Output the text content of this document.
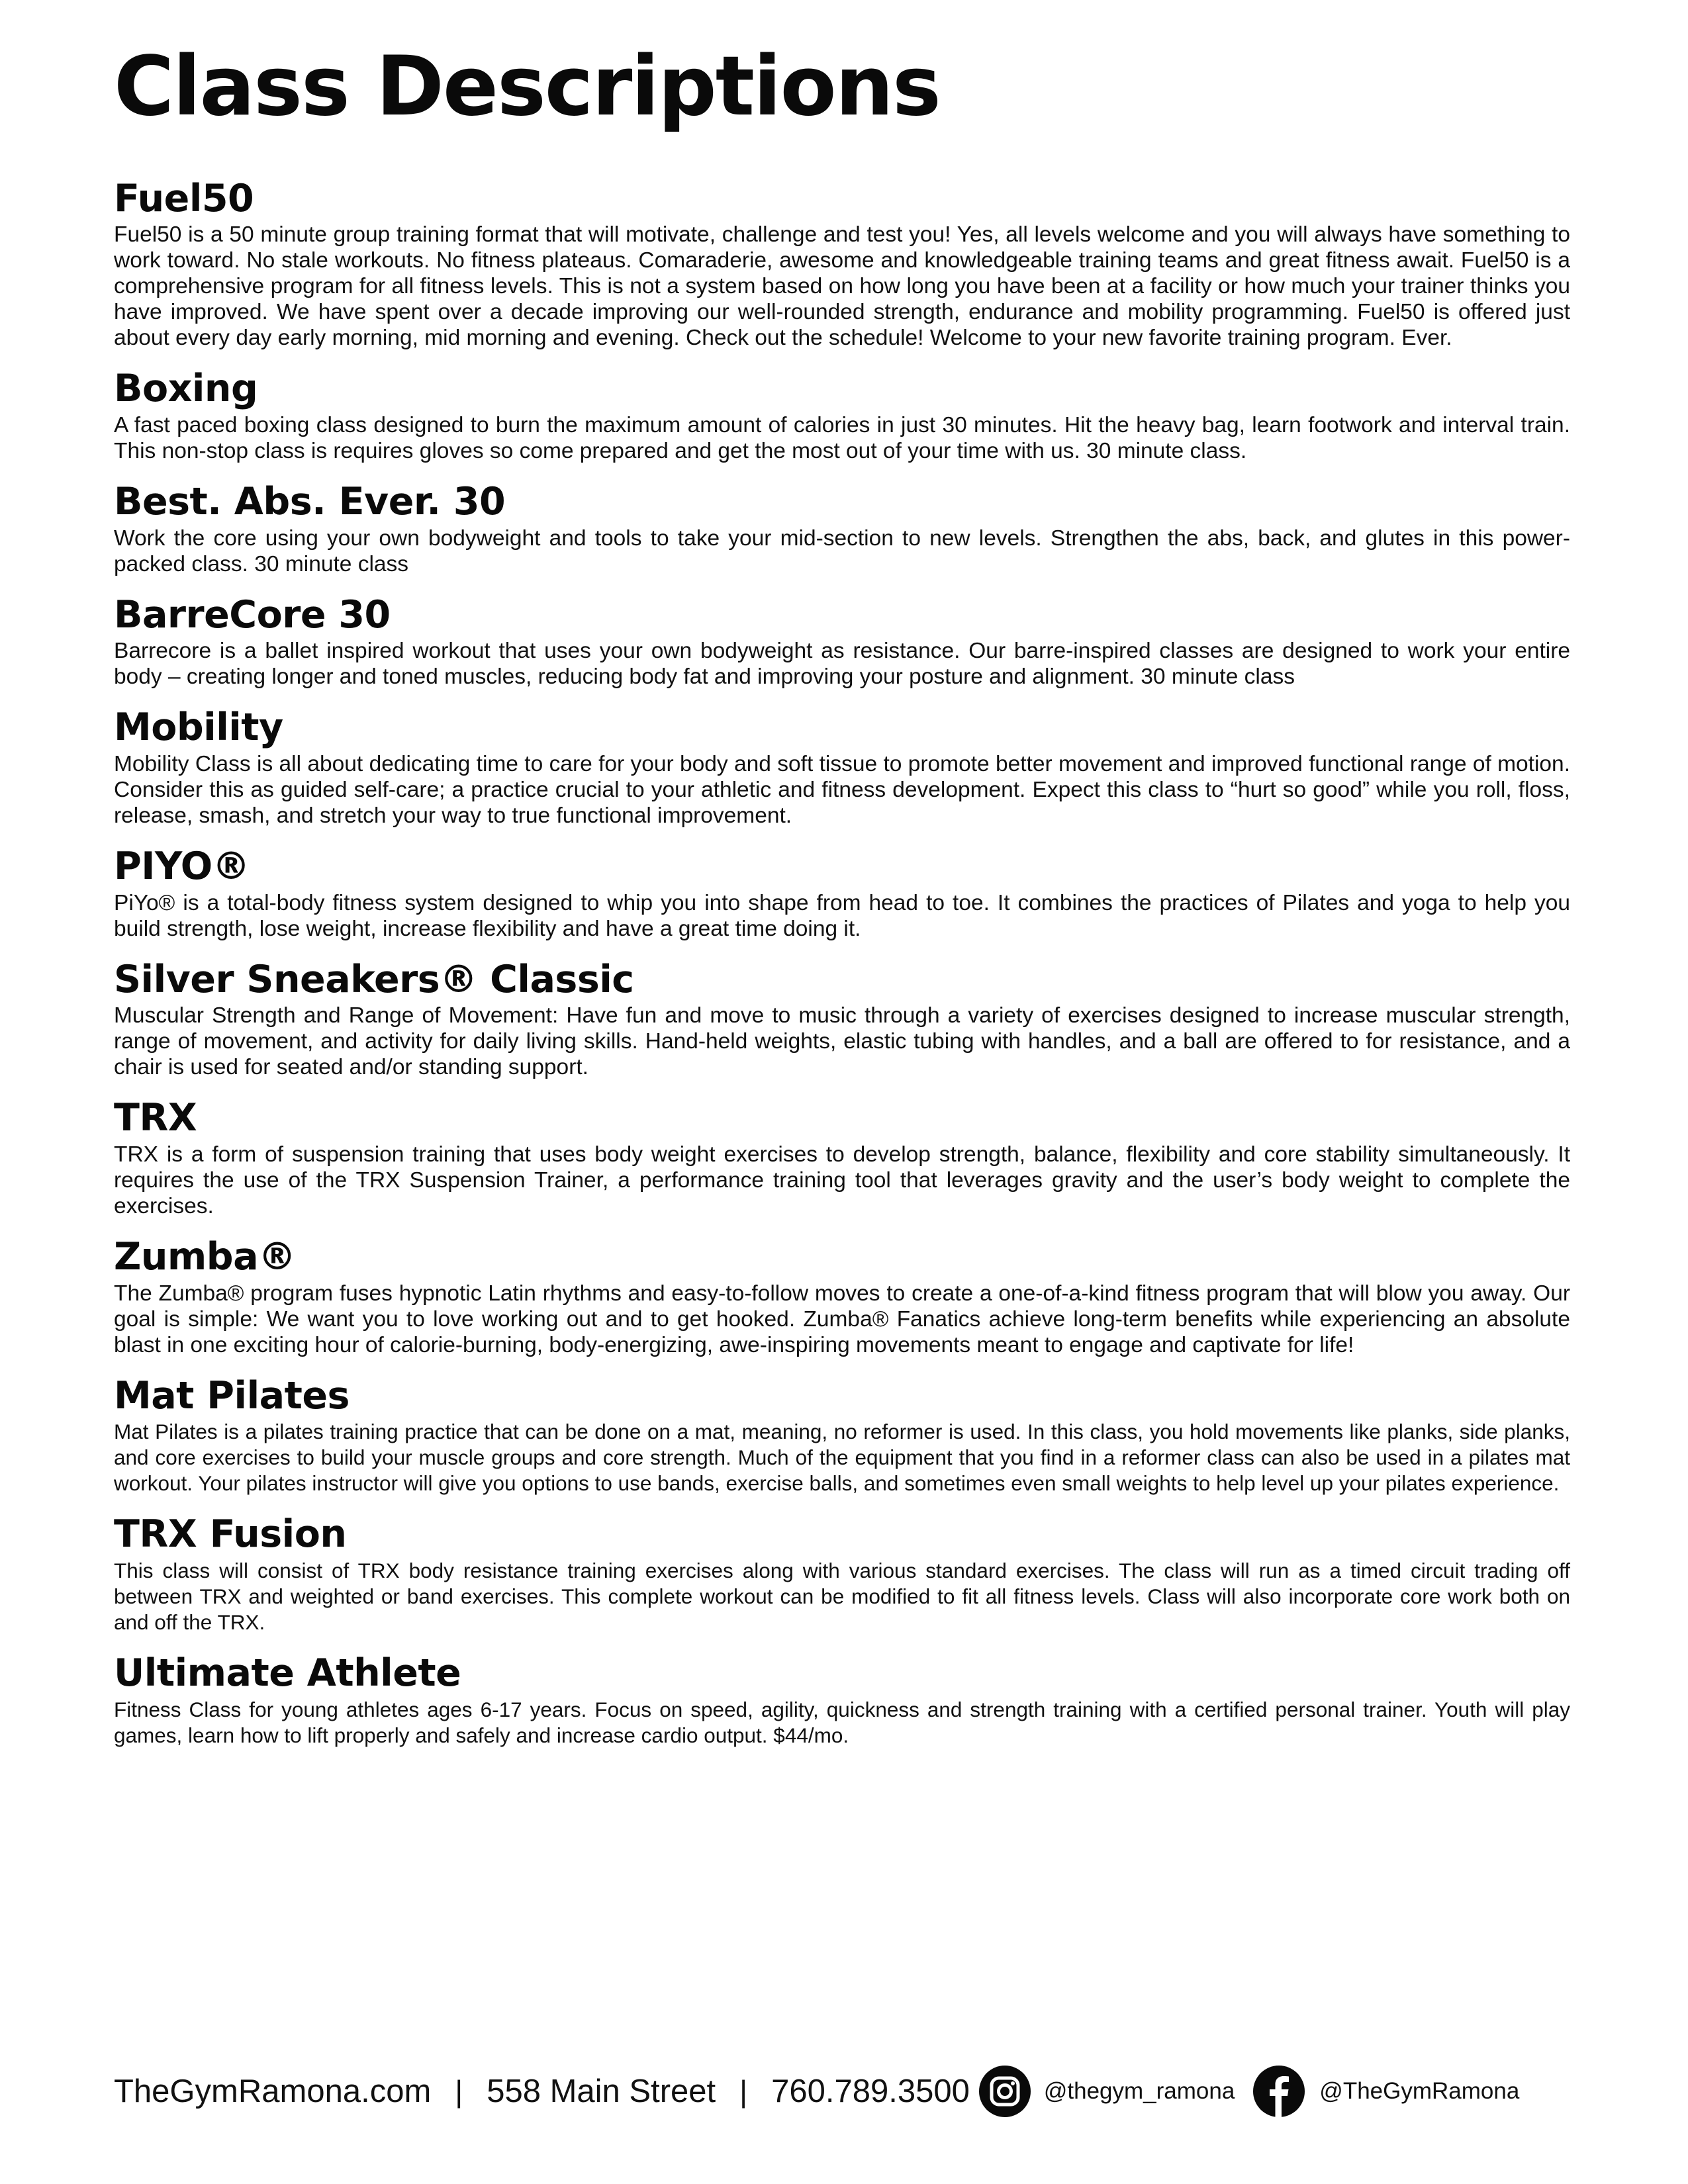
Class Descriptions
Fuel50

Fuel50 is a 50 minute group training format that will motivate, challenge and test you! Yes, all levels welcome and you will always have something to work toward. No stale workouts. No fitness plateaus. Comaraderie, awesome and knowledgeable training teams and great fitness await. Fuel50 is a comprehensive program for all fitness levels. This is not a system based on how long you have been at a facility or how much your trainer thinks you have improved. We have spent over a decade improving our well-rounded strength, endurance and mobility programming. Fuel50 is offered just about every day early morning, mid morning and evening. Check out the schedule! Welcome to your new favorite training program. Ever.

Boxing

A fast paced boxing class designed to burn the maximum amount of calories in just 30 minutes. Hit the heavy bag, learn footwork and interval train. This non-stop class is requires gloves so come prepared and get the most out of your time with us. 30 minute class.

Best. Abs. Ever. 30

Work the core using your own bodyweight and tools to take your mid-section to new levels. Strengthen the abs, back, and glutes in this power-packed class. 30 minute class

BarreCore 30

Barrecore is a ballet inspired workout that uses your own bodyweight as resistance. Our barre-inspired classes are designed to work your entire body – creating longer and toned muscles, reducing body fat and improving your posture and alignment. 30 minute class

Mobility

Mobility Class is all about dedicating time to care for your body and soft tissue to promote better movement and improved functional range of motion. Consider this as guided self-care; a practice crucial to your athletic and fitness development. Expect this class to “hurt so good” while you roll, floss, release, smash, and stretch your way to true functional improvement.

PIYO®

PiYo® is a total-body fitness system designed to whip you into shape from head to toe. It combines the practices of Pilates and yoga to help you build strength, lose weight, increase flexibility and have a great time doing it.

Silver Sneakers® Classic

Muscular Strength and Range of Movement: Have fun and move to music through a variety of exercises designed to increase muscular strength, range of movement, and activity for daily living skills. Hand-held weights, elastic tubing with handles, and a ball are offered to for resistance, and a chair is used for seated and/or standing support.

TRX

TRX is a form of suspension training that uses body weight exercises to develop strength, balance, flexibility and core stability simultaneously. It requires the use of the TRX Suspension Trainer, a performance training tool that leverages gravity and the user’s body weight to complete the exercises.

Zumba®

The Zumba® program fuses hypnotic Latin rhythms and easy-to-follow moves to create a one-of-a-kind fitness program that will blow you away. Our goal is simple: We want you to love working out and to get hooked. Zumba® Fanatics achieve long-term benefits while experiencing an absolute blast in one exciting hour of calorie-burning, body-energizing, awe-inspiring movements meant to engage and captivate for life!

Mat Pilates

Mat Pilates is a pilates training practice that can be done on a mat, meaning, no reformer is used. In this class, you hold movements like planks, side planks, and core exercises to build your muscle groups and core strength. Much of the equipment that you find in a reformer class can also be used in a pilates mat workout. Your pilates instructor will give you options to use bands, exercise balls, and sometimes even small weights to help level up your pilates experience.

TRX Fusion

This class will consist of TRX body resistance training exercises along with various standard exercises. The class will run as a timed circuit trading off between TRX and weighted or band exercises. This complete workout can be modified to fit all fitness levels. Class will also incorporate core work both on and off the TRX.

Ultimate Athlete

Fitness Class for young athletes ages 6-17 years. Focus on speed, agility, quickness and strength training with a certified personal trainer. Youth will play games, learn how to lift properly and safely and increase cardio output. $44/mo.

TheGymRamona.com | 558 Main Street | 760.789.3500	@thegym_ramona	@TheGymRamona
